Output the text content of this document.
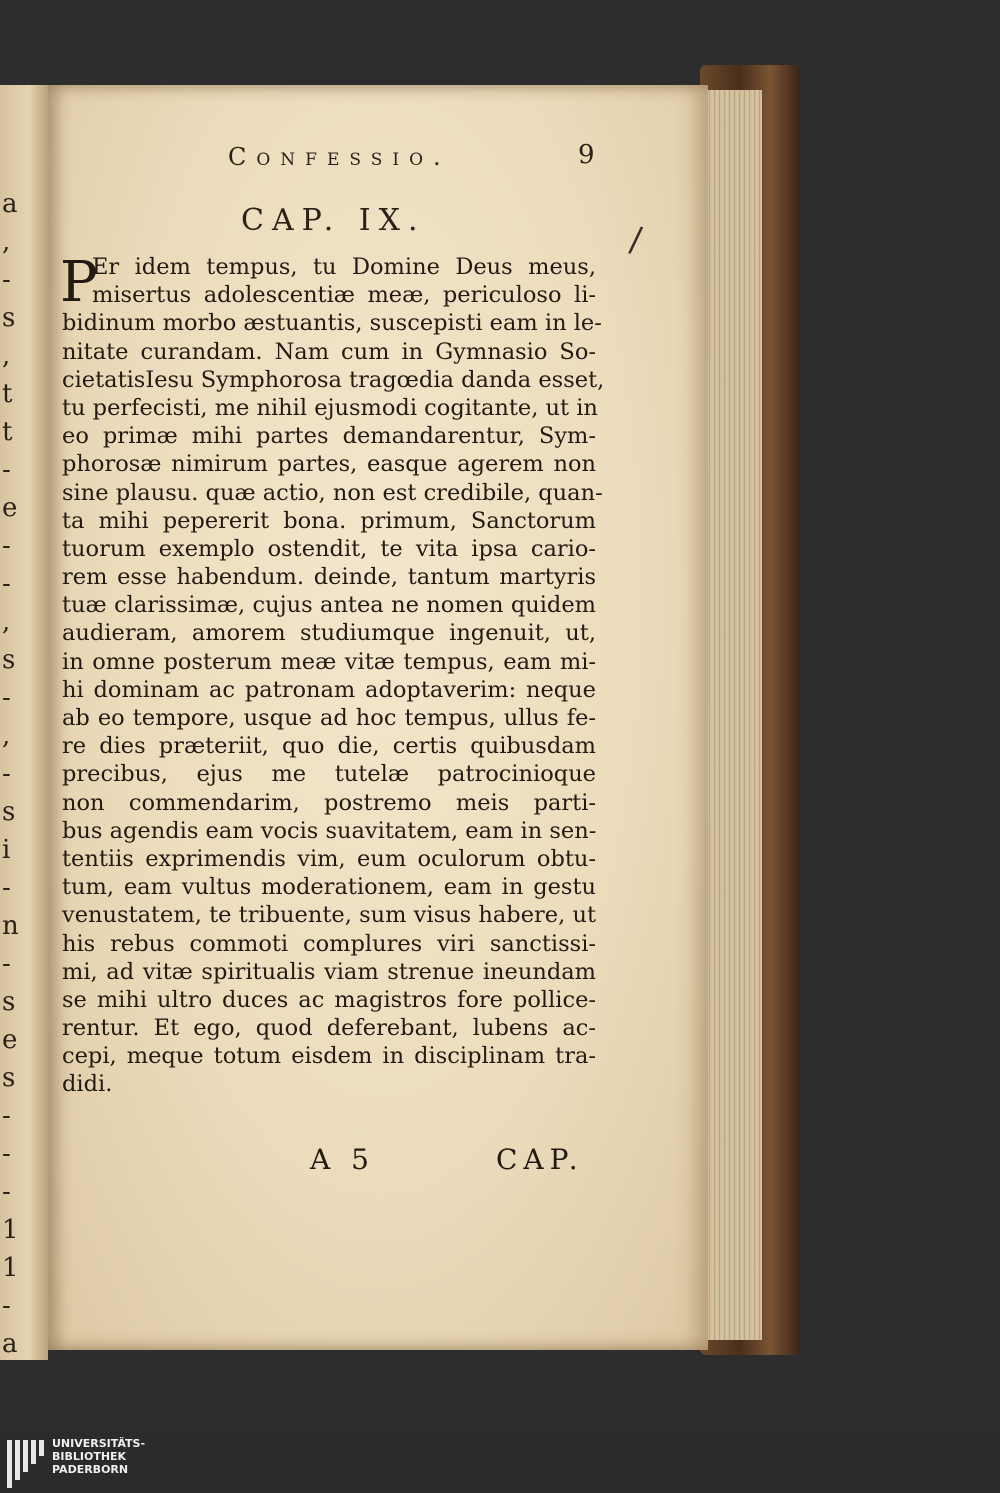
a
,
-
s
,
t
t
-
e
-
-
,
s
-
,
-
s
i
-
n
-
s
e
s
-
-
-
1
1
-
a
Confessio.	9
CAP. IX.	/
P
Er idem tempus, tu Domine Deus meus,
misertus adolescentiæ meæ, periculoso li-
bidinum morbo æstuantis, suscepisti eam in le-
nitate curandam. Nam cum in Gymnasio So-
cietatisIesu Symphorosa tragœdia danda esset,
tu perfecisti, me nihil ejusmodi cogitante, ut in
eo primæ mihi partes demandarentur, Sym-
phorosæ nimirum partes, easque agerem non
sine plausu. quæ actio, non est credibile, quan-
ta mihi pepererit bona. primum, Sanctorum
tuorum exemplo ostendit, te vita ipsa cario-
rem esse habendum. deinde, tantum martyris
tuæ clarissimæ, cujus antea ne nomen quidem
audieram, amorem studiumque ingenuit, ut,
in omne posterum meæ vitæ tempus, eam mi-
hi dominam ac patronam adoptaverim: neque
ab eo tempore, usque ad hoc tempus, ullus fe-
re dies præteriit, quo die, certis quibusdam
precibus, ejus me tutelæ patrocinioque
non commendarim, postremo meis parti-
bus agendis eam vocis suavitatem, eam in sen-
tentiis exprimendis vim, eum oculorum obtu-
tum, eam vultus moderationem, eam in gestu
venustatem, te tribuente, sum visus habere, ut
his rebus commoti complures viri sanctissi-
mi, ad vitæ spiritualis viam strenue ineundam
se mihi ultro duces ac magistros fore pollice-
rentur. Et ego, quod deferebant, lubens ac-
cepi, meque totum eisdem in disciplinam tra-
didi.
A 5	CAP.
UNIVERSITÄTS-
BIBLIOTHEK
PADERBORN
